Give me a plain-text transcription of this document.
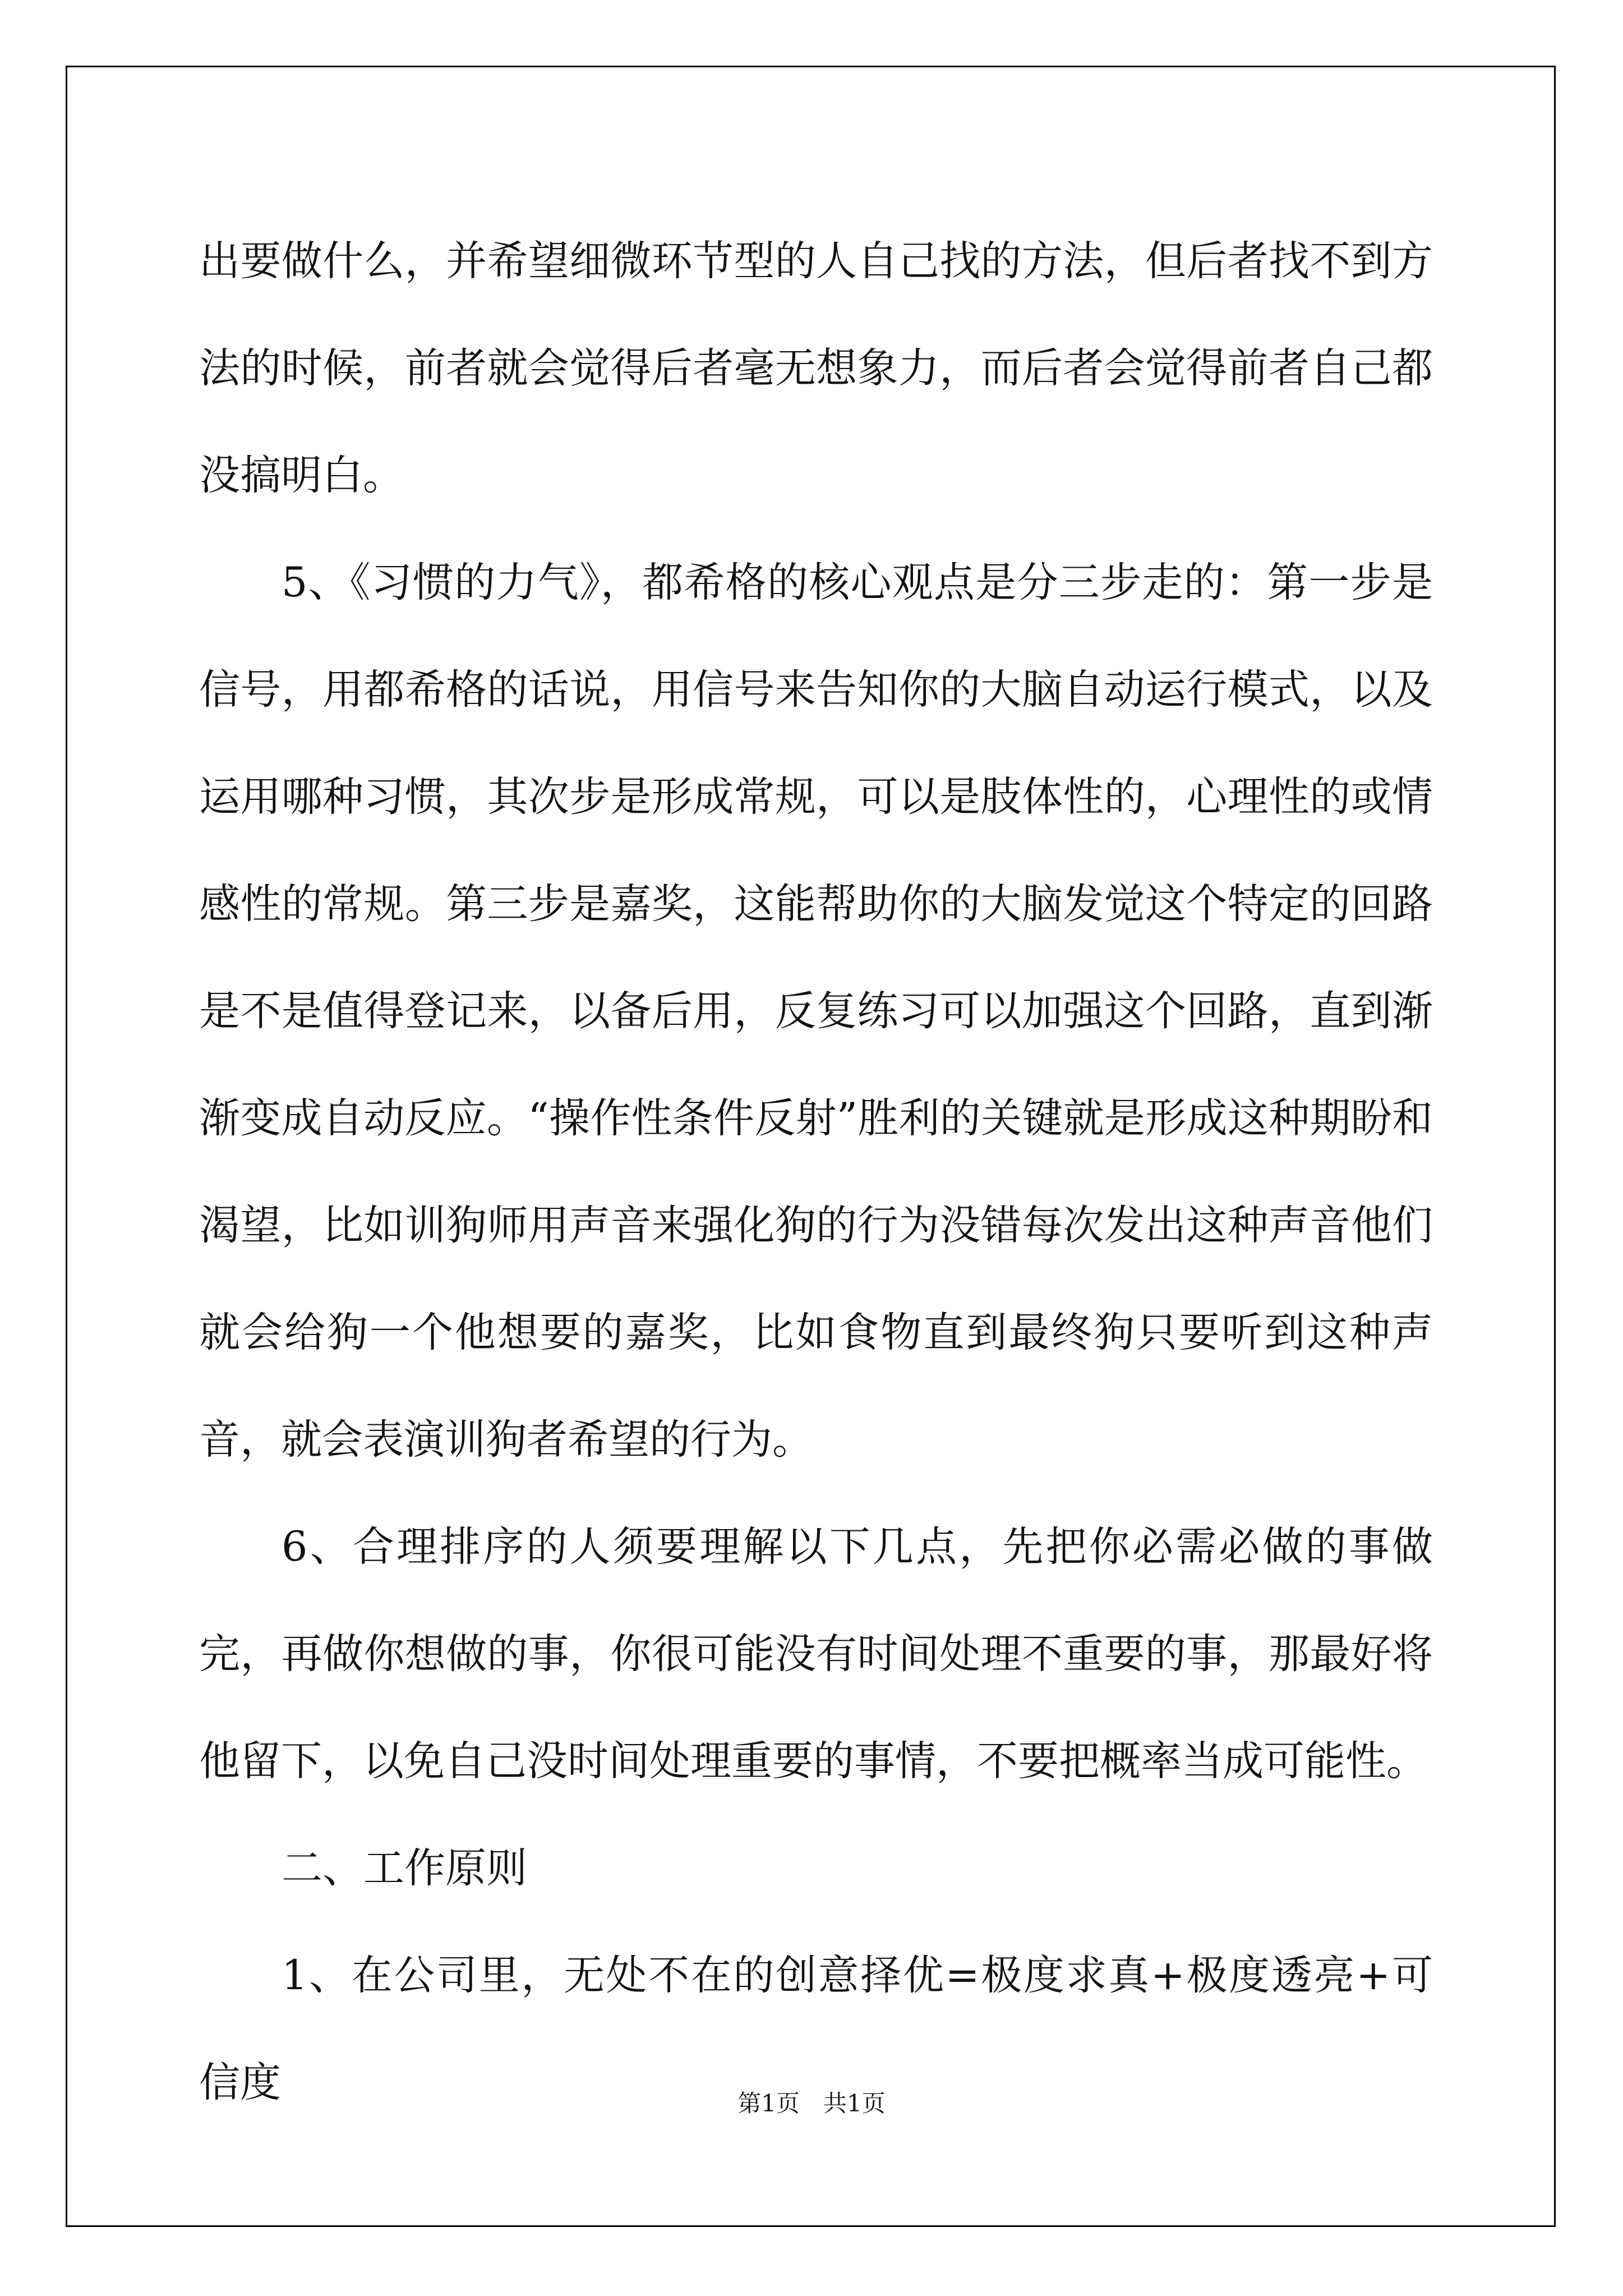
出要做什么，并希望细微环节型的人自己找的方法，但后者找不到方法的时候，前者就会觉得后者毫无想象力，而后者会觉得前者自己都没搞明白。

5、《习惯的力气》，都希格的核心观点是分三步走的：第一步是信号，用都希格的话说，用信号来告知你的大脑自动运行模式，以及运用哪种习惯，其次步是形成常规，可以是肢体性的，心理性的或情感性的常规。第三步是嘉奖，这能帮助你的大脑发觉这个特定的回路是不是值得登记来，以备后用，反复练习可以加强这个回路，直到渐渐变成自动反应。“操作性条件反射”胜利的关键就是形成这种期盼和渴望，比如训狗师用声音来强化狗的行为没错每次发出这种声音他们就会给狗一个他想要的嘉奖，比如食物直到最终狗只要听到这种声音，就会表演训狗者希望的行为。

6、合理排序的人须要理解以下几点，先把你必需必做的事做完，再做你想做的事，你很可能没有时间处理不重要的事，那最好将他留下，以免自己没时间处理重要的事情，不要把概率当成可能性。

二、工作原则

1、在公司里，无处不在的创意择优=极度求真+极度透亮+可信度	第1页　共1页
